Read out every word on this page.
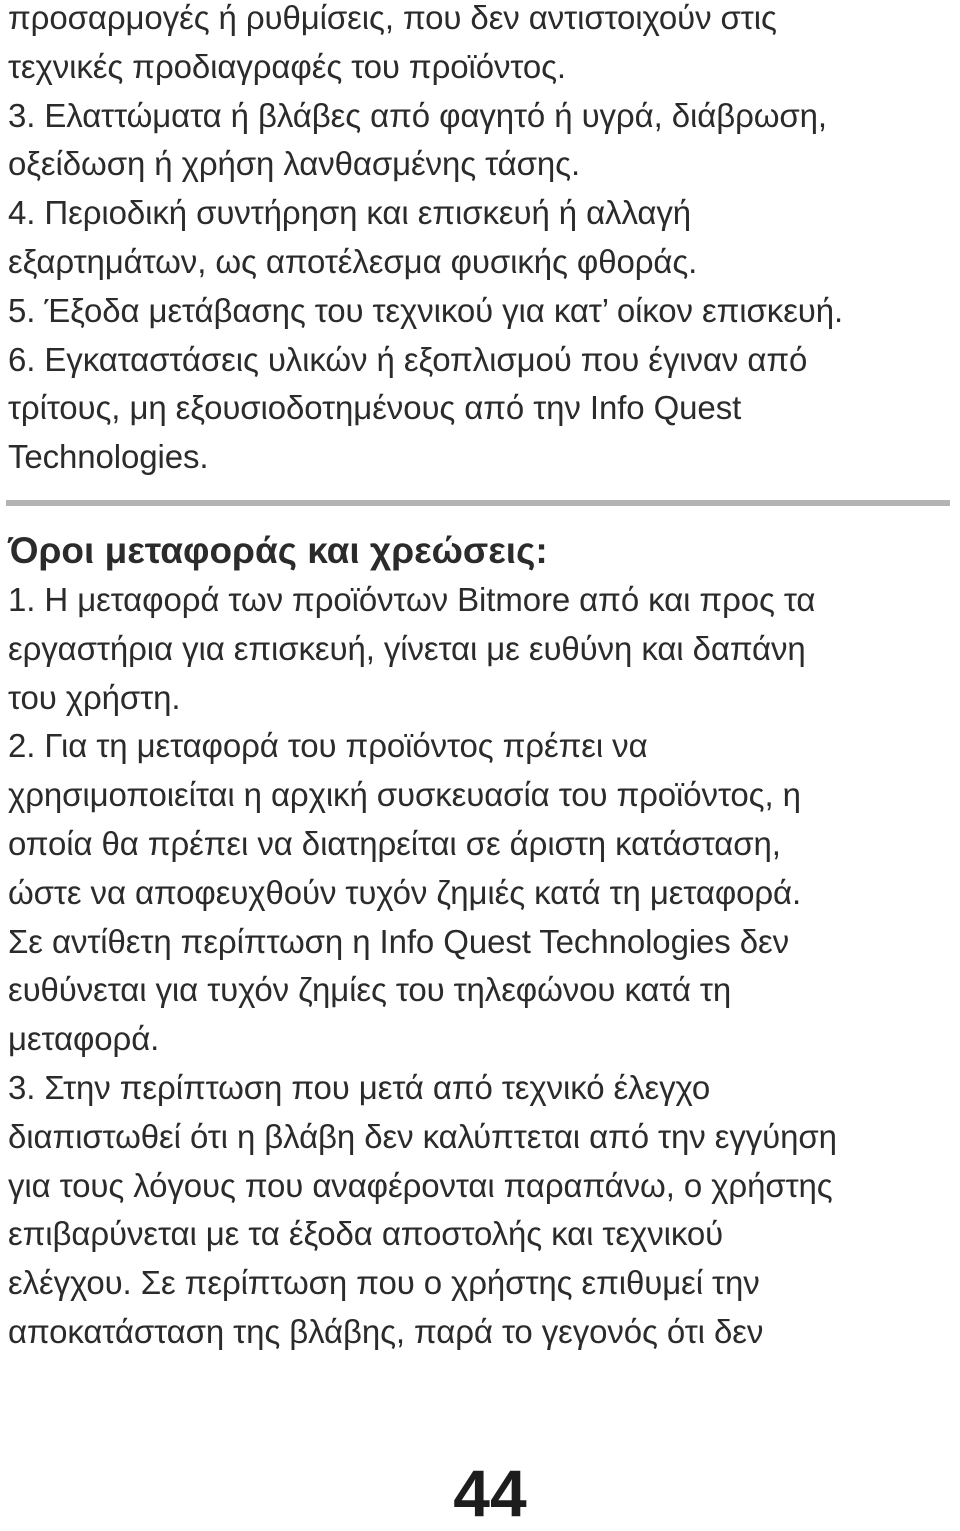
προσαρμογές ή ρυθμίσεις, που δεν αντιστοιχούν στις
τεχνικές προδιαγραφές του προϊόντος.
3. Ελαττώματα ή βλάβες από φαγητό ή υγρά, διάβρωση,
οξείδωση ή χρήση λανθασμένης τάσης.
4. Περιοδική συντήρηση και επισκευή ή αλλαγή
εξαρτημάτων, ως αποτέλεσμα φυσικής φθοράς.
5. Έξοδα μετάβασης του τεχνικού για κατ’ οίκον επισκευή.
6. Εγκαταστάσεις υλικών ή εξοπλισμού που έγιναν από
τρίτους, μη εξουσιοδοτημένους από την Info Quest
Technologies.
Όροι μεταφοράς και χρεώσεις:
1. Η μεταφορά των προϊόντων Bitmore από και προς τα
εργαστήρια για επισκευή, γίνεται με ευθύνη και δαπάνη
του χρήστη.
2. Για τη μεταφορά του προϊόντος πρέπει να
χρησιμοποιείται η αρχική συσκευασία του προϊόντος, η
οποία θα πρέπει να διατηρείται σε άριστη κατάσταση,
ώστε να αποφευχθούν τυχόν ζημιές κατά τη μεταφορά.
Σε αντίθετη περίπτωση η Info Quest Technologies δεν
ευθύνεται για τυχόν ζημίες του τηλεφώνου κατά τη
μεταφορά.
3. Στην περίπτωση που μετά από τεχνικό έλεγχο
διαπιστωθεί ότι η βλάβη δεν καλύπτεται από την εγγύηση
για τους λόγους που αναφέρονται παραπάνω, ο χρήστης
επιβαρύνεται με τα έξοδα αποστολής και τεχνικού
ελέγχου. Σε περίπτωση που ο χρήστης επιθυμεί την
αποκατάσταση της βλάβης, παρά το γεγονός ότι δεν
44
